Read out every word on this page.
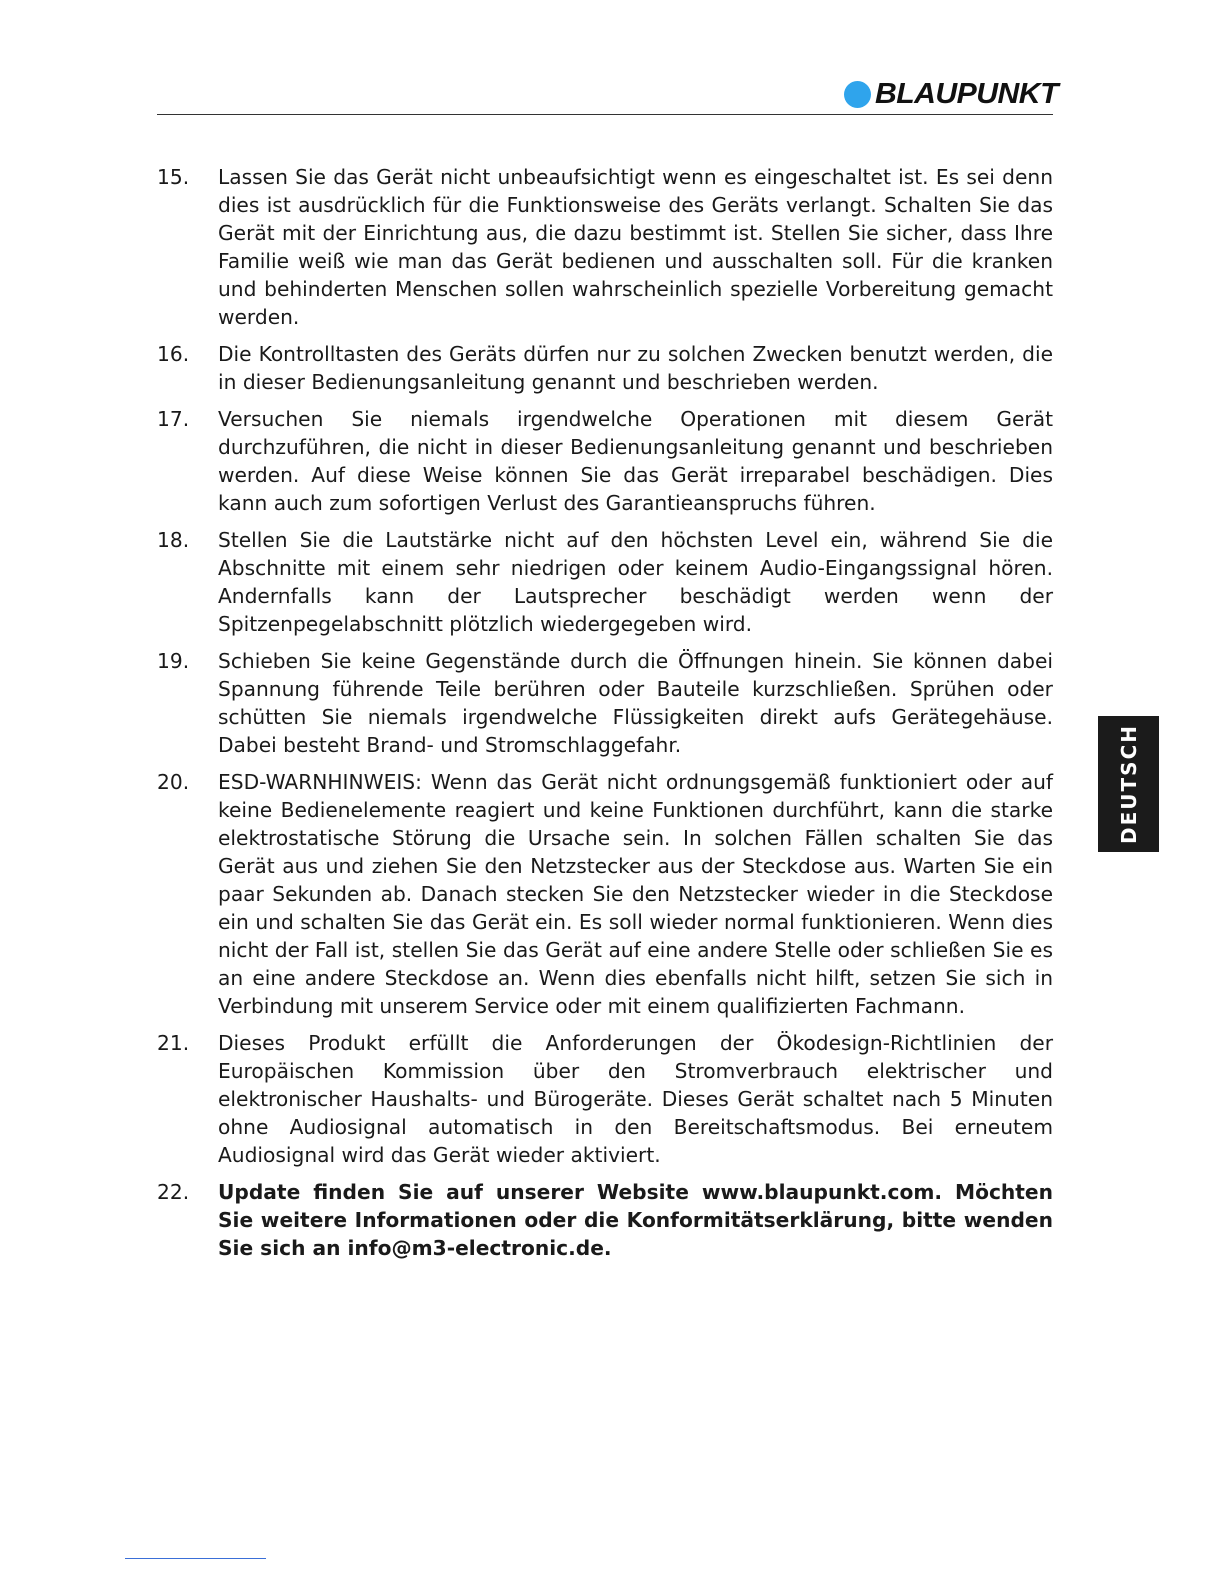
BLAUPUNKT
15.	Lassen Sie das Gerät nicht unbeaufsichtigt wenn es eingeschaltet ist. Es sei denn dies ist ausdrücklich für die Funktionsweise des Geräts verlangt. Schalten Sie das Gerät mit der Einrichtung aus, die dazu bestimmt ist. Stellen Sie sicher, dass Ihre Familie weiß wie man das Gerät bedienen und ausschalten soll. Für die kranken und behinderten Menschen sollen wahrscheinlich spezielle Vorbereitung gemacht werden.
16.	Die Kontrolltasten des Geräts dürfen nur zu solchen Zwecken benutzt werden, die in dieser Bedienungsanleitung genannt und beschrieben werden.
17.	Versuchen Sie niemals irgendwelche Operationen mit diesem Gerät durchzuführen, die nicht in dieser Bedienungsanleitung genannt und beschrieben werden. Auf diese Weise können Sie das Gerät irreparabel beschädigen. Dies kann auch zum sofortigen Verlust des Garantieanspruchs führen.
18.	Stellen Sie die Lautstärke nicht auf den höchsten Level ein, während Sie die Abschnitte mit einem sehr niedrigen oder keinem Audio-Eingangssignal hören. Andernfalls kann der Lautsprecher beschädigt werden wenn der Spitzenpegelabschnitt plötzlich wiedergegeben wird.
19.	Schieben Sie keine Gegenstände durch die Öffnungen hinein. Sie können dabei Spannung führende Teile berühren oder Bauteile kurzschließen. Sprühen oder schütten Sie niemals irgendwelche Flüssigkeiten direkt aufs Gerätegehäuse. Dabei besteht Brand- und Stromschlaggefahr.
20.	ESD-WARNHINWEIS: Wenn das Gerät nicht ordnungsgemäß funktioniert oder auf keine Bedienelemente reagiert und keine Funktionen durchführt, kann die starke elektrostatische Störung die Ursache sein. In solchen Fällen schalten Sie das Gerät aus und ziehen Sie den Netzstecker aus der Steckdose aus. Warten Sie ein paar Sekunden ab. Danach stecken Sie den Netzstecker wieder in die Steckdose ein und schalten Sie das Gerät ein. Es soll wieder normal funktionieren. Wenn dies nicht der Fall ist, stellen Sie das Gerät auf eine andere Stelle oder schließen Sie es an eine andere Steckdose an. Wenn dies ebenfalls nicht hilft, setzen Sie sich in Verbindung mit unserem Service oder mit einem qualifizierten Fachmann.
21.	Dieses Produkt erfüllt die Anforderungen der Ökodesign-Richtlinien der Europäischen Kommission über den Stromverbrauch elektrischer und elektronischer Haushalts- und Bürogeräte. Dieses Gerät schaltet nach 5 Minuten ohne Audiosignal automatisch in den Bereitschaftsmodus. Bei erneutem Audiosignal wird das Gerät wieder aktiviert.
22.	Update finden Sie auf unserer Website www.blaupunkt.com. Möchten Sie weitere Informationen oder die Konformitätserklärung, bitte wenden Sie sich an info@m3-electronic.de.
DEUTSCH
